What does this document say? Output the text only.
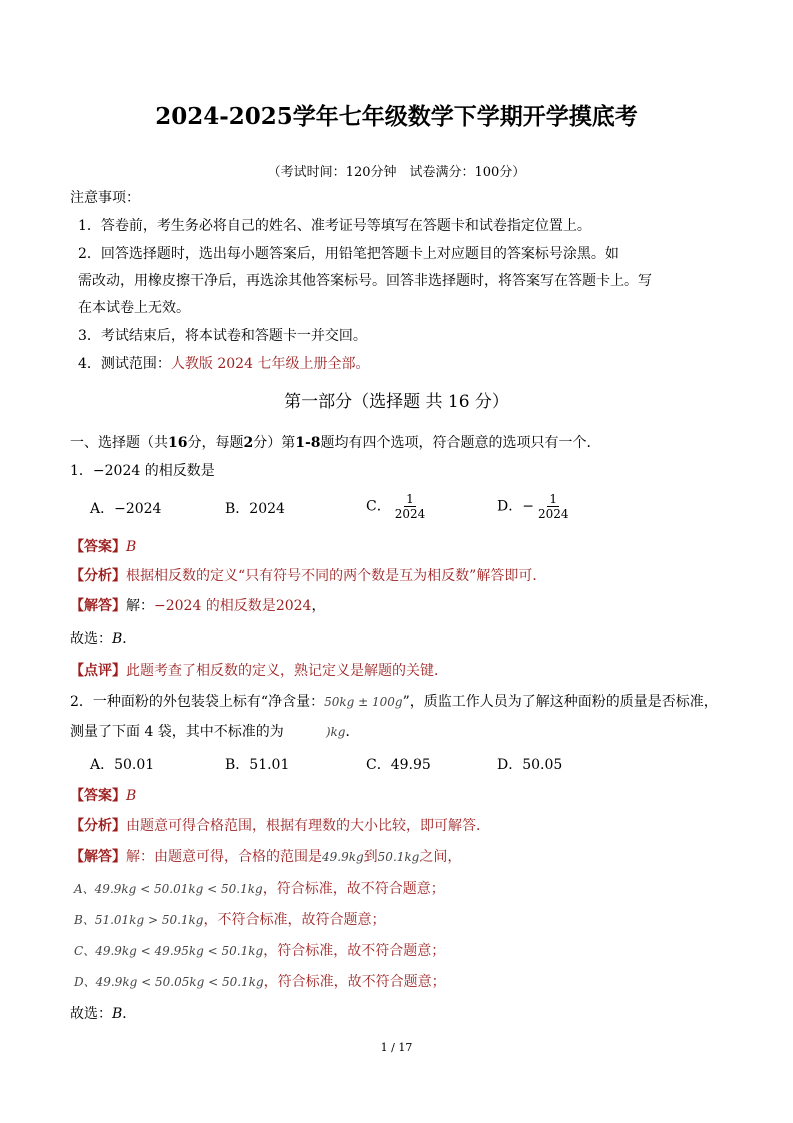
2024-2025学年七年级数学下学期开学摸底考
（考试时间：120分钟　试卷满分：100分）
注意事项：
1．答卷前，考生务必将自己的姓名、准考证号等填写在答题卡和试卷指定位置上。
2．回答选择题时，选出每小题答案后，用铅笔把答题卡上对应题目的答案标号涂黑。如
需改动，用橡皮擦干净后，再选涂其他答案标号。回答非选择题时，将答案写在答题卡上。写
在本试卷上无效。
3．考试结束后，将本试卷和答题卡一并交回。
4．测试范围：人教版 2024 七年级上册全部。
第一部分（选择题 共 16 分）
一、选择题（共16分，每题2分）第1-8题均有四个选项，符合题意的选项只有一个．
1．−2024 的相反数是
A．−2024	B．2024	C． $\frac{1}{2024}$	D．− $\frac{1}{2024}$
【答案】B
【分析】根据相反数的定义“只有符号不同的两个数是互为相反数”解答即可．
【解答】解：−2024 的相反数是2024，
故选：B．
【点评】此题考查了相反数的定义，熟记定义是解题的关键．
2．一种面粉的外包装袋上标有“净含量：50kg ± 100g”，质监工作人员为了解这种面粉的质量是否标准，
测量了下面 4 袋，其中不标准的为	)kg．
A．50.01	B．51.01	C．49.95	D．50.05
【答案】B
【分析】由题意可得合格范围，根据有理数的大小比较，即可解答．
【解答】解：由题意可得，合格的范围是49.9kg到50.1kg之间，
A、49.9kg < 50.01kg < 50.1kg，符合标准，故不符合题意；
B、51.01kg > 50.1kg，不符合标准，故符合题意；
C、49.9kg < 49.95kg < 50.1kg，符合标准，故不符合题意；
D、49.9kg < 50.05kg < 50.1kg，符合标准，故不符合题意；
故选：B．
1 / 17
